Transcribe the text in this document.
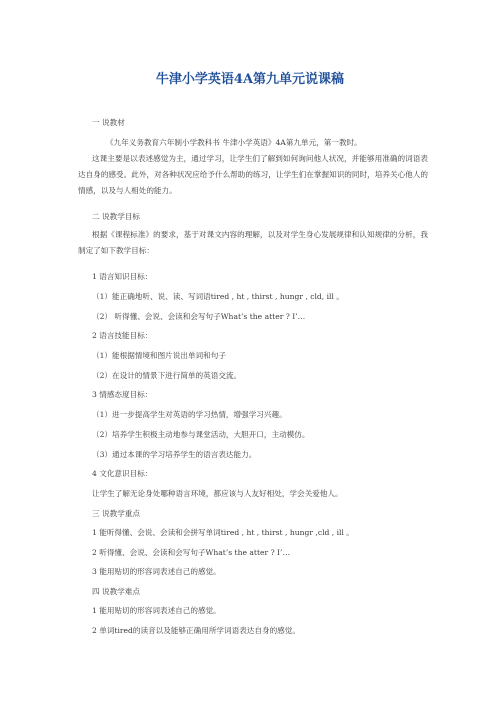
牛津小学英语4A第九单元说课稿
一 说教材
《九年义务教育六年制小学教科书 牛津小学英语》4A第九单元，第一教时。
这课主要是以表述感觉为主，通过学习，让学生们了解到如何询问他人状况，并能够用准确的词语表达自身的感受。此外，对各种状况应给予什么帮助的练习，让学生们在掌握知识的同时，培养关心他人的情感，以及与人相处的能力。
二 说教学目标
根据《课程标准》的要求，基于对课文内容的理解，以及对学生身心发展规律和认知规律的分析，我制定了如下教学目标：
1 语言知识目标：
（1）能正确地听、说、读、写词语tired , ht , thirst , hungr , cld, ill 。
（2） 听得懂、会说、会读和会写句子What’s the atter ? I’…
2 语言技能目标：
（1）能根据情境和图片说出单词和句子
（2）在设计的情景下进行简单的英语交流。
3 情感态度目标：
（1）进一步提高学生对英语的学习热情，增强学习兴趣。
（2）培养学生积极主动地参与课堂活动，大胆开口，主动模仿。
（3）通过本课的学习培养学生的语言表达能力。
4 文化意识目标：
让学生了解无论身处哪种语言环境，都应该与人友好相处，学会关爱他人。
三 说教学重点
1 能听得懂、会说、会读和会拼写单词tired , ht , thirst , hungr ,cld , ill 。
2 听得懂、会说、会读和会写句子What’s the atter ? I’…
3 能用贴切的形容词表述自己的感觉。
四 说教学难点
1 能用贴切的形容词表述自己的感觉。
2 单词tired的读音以及能够正确用所学词语表达自身的感觉。
